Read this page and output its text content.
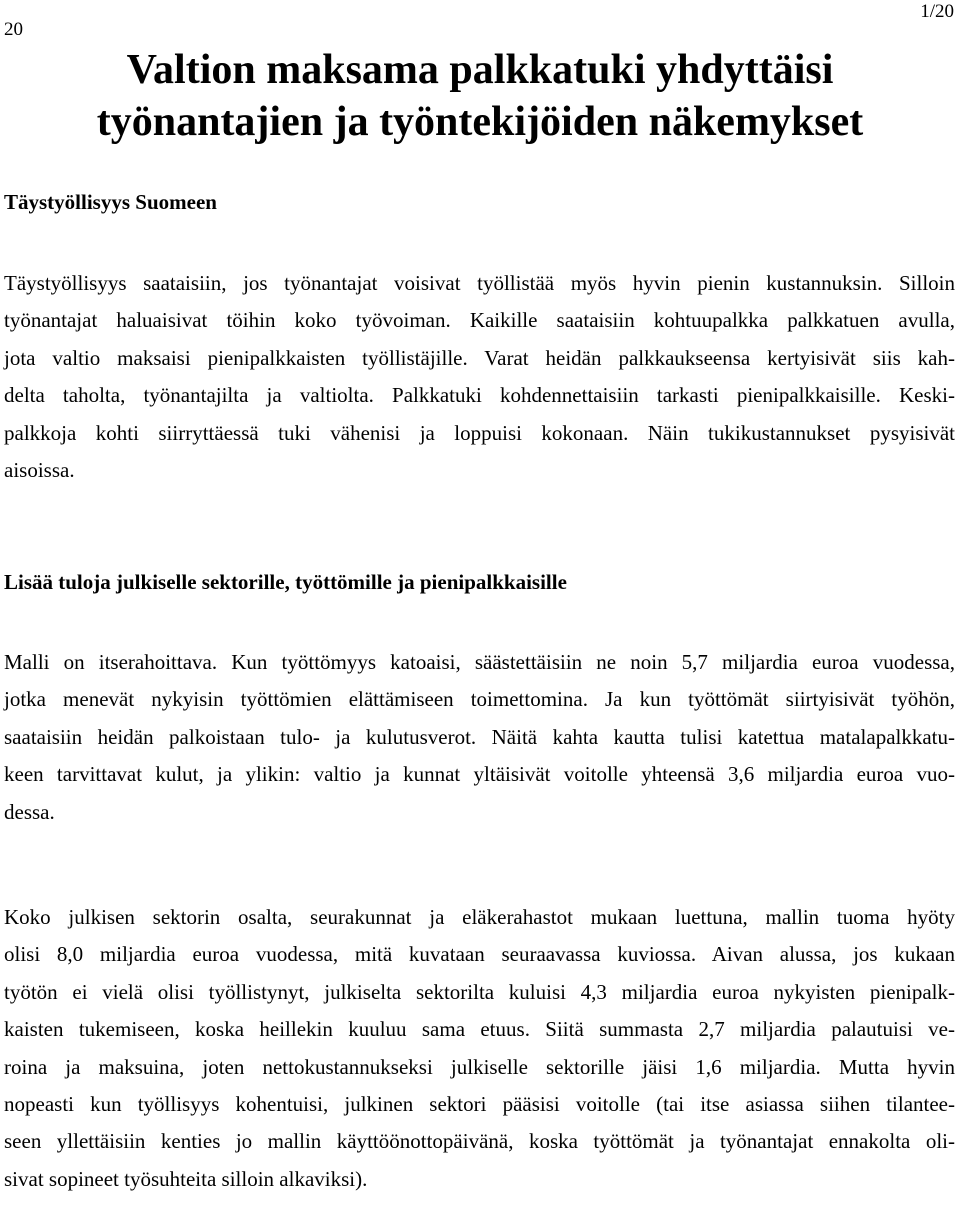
20
1/20
Valtion maksama palkkatuki yhdyttäisi
työnantajien ja työntekijöiden näkemykset
Täystyöllisyys Suomeen

Täystyöllisyys saataisiin, jos työnantajat voisivat työllistää myös hyvin pienin kustannuksin. Silloin
työnantajat haluaisivat töihin koko työvoiman. Kaikille saataisiin kohtuupalkka palkkatuen avulla,
jota valtio maksaisi pienipalkkaisten työllistäjille. Varat heidän palkkaukseensa kertyisivät siis kah-
delta taholta, työnantajilta ja valtiolta. Palkkatuki kohdennettaisiin tarkasti pienipalkkaisille. Keski-
palkkoja kohti siirryttäessä tuki vähenisi ja loppuisi kokonaan. Näin tukikustannukset pysyisivät
aisoissa.

Lisää tuloja julkiselle sektorille, työttömille ja pienipalkkaisille

Malli on itserahoittava. Kun työttömyys katoaisi, säästettäisiin ne noin 5,7 miljardia euroa vuodessa,
jotka menevät nykyisin työttömien elättämiseen toimettomina. Ja kun työttömät siirtyisivät työhön,
saataisiin heidän palkoistaan tulo- ja kulutusverot. Näitä kahta kautta tulisi katettua matalapalkkatu-
keen tarvittavat kulut, ja ylikin: valtio ja kunnat yltäisivät voitolle yhteensä 3,6 miljardia euroa vuo-
dessa.

Koko julkisen sektorin osalta, seurakunnat ja eläkerahastot mukaan luettuna, mallin tuoma hyöty
olisi 8,0 miljardia euroa vuodessa, mitä kuvataan seuraavassa kuviossa. Aivan alussa, jos kukaan
työtön ei vielä olisi työllistynyt, julkiselta sektorilta kuluisi 4,3 miljardia euroa nykyisten pienipalk-
kaisten tukemiseen, koska heillekin kuuluu sama etuus. Siitä summasta 2,7 miljardia palautuisi ve-
roina ja maksuina, joten nettokustannukseksi julkiselle sektorille jäisi 1,6 miljardia. Mutta hyvin
nopeasti kun työllisyys kohentuisi, julkinen sektori pääsisi voitolle (tai itse asiassa siihen tilantee-
seen yllettäisiin kenties jo mallin käyttöönottopäivänä, koska työttömät ja työnantajat ennakolta oli-
sivat sopineet työsuhteita silloin alkaviksi).
